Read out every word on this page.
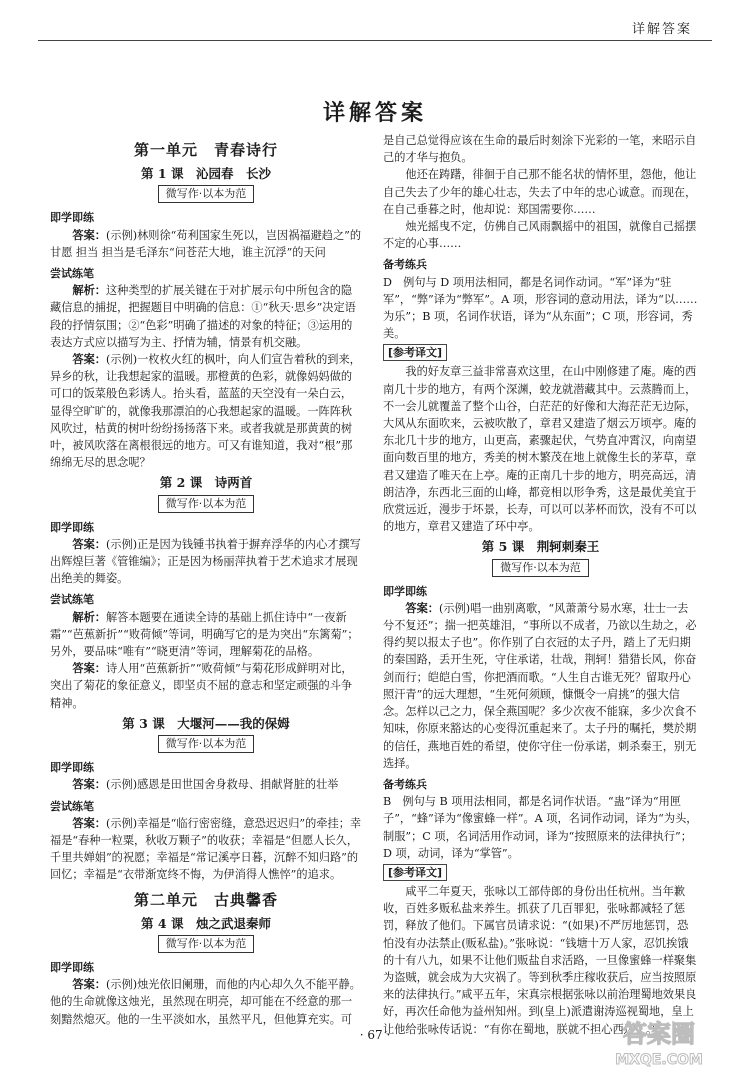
详解答案
详解答案
第一单元　青春诗行
第 1 课　沁园春　长沙
微写作·以本为范
即学即练
答案：(示例)林则徐“苟利国家生死以，岂因祸福避趋之”的甘愿 担当 担当是毛泽东“问苍茫大地，谁主沉浮”的天问
尝试练笔
解析：这种类型的扩展关键在于对扩展示句中所包含的隐藏信息的捕捉，把握题目中明确的信息：①“秋天·思乡”决定语段的抒情氛围；②“色彩”明确了描述的对象的特征；③运用的表达方式应以描写为主、抒情为辅，情景有机交融。
答案：(示例)一枚枚火红的枫叶，向人们宣告着秋的到来，异乡的秋，让我想起家的温暖。那橙黄的色彩，就像妈妈做的可口的饭菜般色彩诱人。抬头看，蓝蓝的天空没有一朵白云，显得空旷旷的，就像我那漂泊的心我想起家的温暖。一阵阵秋风吹过，枯黄的树叶纷纷扬扬落下来。或者我就是那黄黄的树叶，被风吹落在离根很远的地方。可又有谁知道，我对“根”那绵绵无尽的思念呢？
第 2 课　诗两首
微写作·以本为范
即学即练
答案：(示例)正是因为钱锺书执着于摒弃浮华的内心才撰写出辉煌巨著《管锥编》；正是因为杨丽萍执着于艺术追求才展现出绝美的舞姿。
尝试练笔
解析：解答本题要在通读全诗的基础上抓住诗中“一夜新霜”“芭蕉新折”“败荷倾”等词，明确写它的是为突出“东篱菊”；另外，要品味“唯有”“晓更清”等词，理解菊花的品格。
答案：诗人用“芭蕉新折”“败荷倾”与菊花形成鲜明对比，突出了菊花的象征意义，即坚贞不屈的意志和坚定顽强的斗争精神。
第 3 课　大堰河——我的保姆
微写作·以本为范
即学即练
答案：(示例)感恩是田世国舍身救母、捐献肾脏的壮举
尝试练笔
答案：(示例)幸福是“临行密密缝，意恐迟迟归”的牵挂；幸福是“春种一粒粟，秋收万颗子”的收获；幸福是“但愿人长久，千里共婵娟”的祝愿；幸福是“常记溪亭日暮，沉醉不知归路”的回忆；幸福是“衣带渐宽终不悔，为伊消得人憔悴”的追求。
第二单元　古典馨香
第 4 课　烛之武退秦师
微写作·以本为范
即学即练
答案：(示例)烛光依旧阑珊，而他的内心却久久不能平静。他的生命就像这烛光，虽然现在明亮，却可能在不经意的那一刻黯然熄灭。他的一生平淡如水，虽然平凡，但他算充实。可
是自己总觉得应该在生命的最后时刻涂下光彩的一笔，来昭示自己的才华与抱负。
他还在踌躇，徘徊于自己那不能名状的情怀里，怨他，他让自己失去了少年的雄心壮志，失去了中年的忠心诚意。而现在，在自己垂暮之时，他却说：郑国需要你……
烛光摇曳不定，仿佛自己风雨飘摇中的祖国，就像自己摇摆不定的心事……
备考练兵
D　例句与 D 项用法相同，都是名词作动词。“军”译为“驻军”，“弊”译为“弊军”。A 项，形容词的意动用法，译为“以……为乐”；B 项，名词作状语，译为“从东面”；C 项，形容词，秀美。
[参考译文]
我的好友章三益非常喜欢这里，在山中刚修建了庵。庵的西南几十步的地方，有两个深渊，蛟龙就潜藏其中。云蒸腾而上，不一会儿就覆盖了整个山谷，白茫茫的好像和大海茫茫无边际，大风从东面吹来，云被吹散了，章君又建造了烟云万顷亭。庵的东北几十步的地方，山更高，素骤起伏，气势直冲霄汉，向南望面向数百里的地方，秀美的树木繁茂在地上就像生长的茅草，章君又建造了唯天在上亭。庵的正南几十步的地方，明亮高远，清朗洁净，东西北三面的山峰，都竞相以形争秀，这是最优美宜于欣赏远近，漫步于坏景，长寿，可以可以茅杯而饮，没有不可以的地方，章君又建造了环中亭。
第 5 课　荆轲刺秦王
微写作·以本为范
即学即练
答案：(示例)唱一曲别离歌，“风萧萧兮易水寒，壮士一去兮不复还”；揣一把英雄泪，“事所以不成者，乃欲以生劫之，必得约契以报太子也”。你作别了白衣冠的太子丹，踏上了无归期的秦国路，丢开生死，守住承诺，壮哉，荆轲！猎猎长风，你奋剑而行；皑皑白雪，你把酒而歌。“人生自古谁无死？留取丹心照汗青”的远大理想，“生死何须顾，慷慨令一肩挑”的强大信念。怎样以己之力，保全燕国呢？多少次夜不能寐，多少次食不知味，你原来豁达的心变得沉重起来了。太子丹的嘱托，樊於期的信任，燕地百姓的希望，使你守住一份承诺，刺杀秦王，别无选择。
备考练兵
B　例句与 B 项用法相同，都是名词作状语。“蛊”译为“用匣子”，“蜂”译为“像蜜蜂一样”。A 项，名词作动词，译为“为头，制服”；C 项，名词活用作动词，译为“按照原来的法律执行”；D 项，动词，译为“掌管”。
[参考译文]
咸平二年夏天，张咏以工部侍郎的身份出任杭州。当年歉收，百姓多贩私盐来养生。抓获了几百罪犯，张咏都减轻了惩罚，释放了他们。下属官员请求说：“(如果)不严厉地惩罚，恐怕没有办法禁止(贩私盐)。”张咏说：“钱塘十万人家，忍饥挨饿的十有八九，如果不让他们贩盐自求活路，一旦像蜜蜂一样聚集为盗贼，就会成为大灾祸了。等到秋季庄稼收获后，应当按照原来的法律执行。”咸平五年，宋真宗根据张咏以前治理蜀地效果良好，再次任命他为益州知州。到(皇上)派遣谢涛巡视蜀地，皇上让他给张咏传话说：“有你在蜀地，朕就不担心西边了。”
· 67 ·	答案圈
MXQE.COM
